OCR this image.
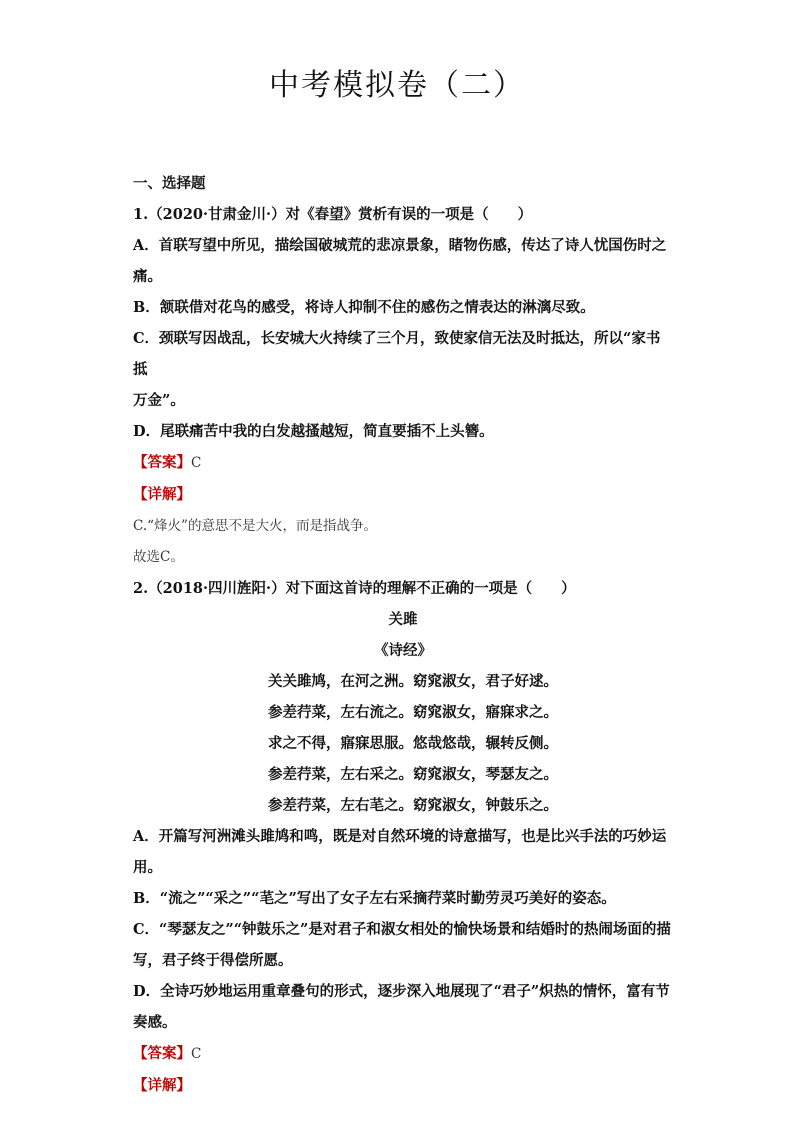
中考模拟卷（二）

一、选择题

1.（2020·甘肃金川·）对《春望》赏析有误的一项是（　　）

A．首联写望中所见，描绘国破城荒的悲凉景象，睹物伤感，传达了诗人忧国伤时之

痛。

B．颔联借对花鸟的感受，将诗人抑制不住的感伤之情表达的淋漓尽致。

C．颈联写因战乱，长安城大火持续了三个月，致使家信无法及时抵达，所以“家书抵

万金”。

D．尾联痛苦中我的白发越搔越短，简直要插不上头簪。

【答案】C

【详解】

C.“烽火”的意思不是大火，而是指战争。

故选C。

2.（2018·四川旌阳·）对下面这首诗的理解不正确的一项是（　　）

关雎

《诗经》

关关雎鸠，在河之洲。窈窕淑女，君子好逑。

参差荇菜，左右流之。窈窕淑女，寤寐求之。

求之不得，寤寐思服。悠哉悠哉，辗转反侧。

参差荇菜，左右采之。窈窕淑女，琴瑟友之。

参差荇菜，左右芼之。窈窕淑女，钟鼓乐之。

A．开篇写河洲滩头雎鸠和鸣，既是对自然环境的诗意描写，也是比兴手法的巧妙运

用。

B．“流之”“采之”“芼之”写出了女子左右采摘荇菜时勤劳灵巧美好的姿态。

C．“琴瑟友之”“钟鼓乐之”是对君子和淑女相处的愉快场景和结婚时的热闹场面的描

写，君子终于得偿所愿。

D．全诗巧妙地运用重章叠句的形式，逐步深入地展现了“君子”炽热的情怀，富有节

奏感。

【答案】C

【详解】
